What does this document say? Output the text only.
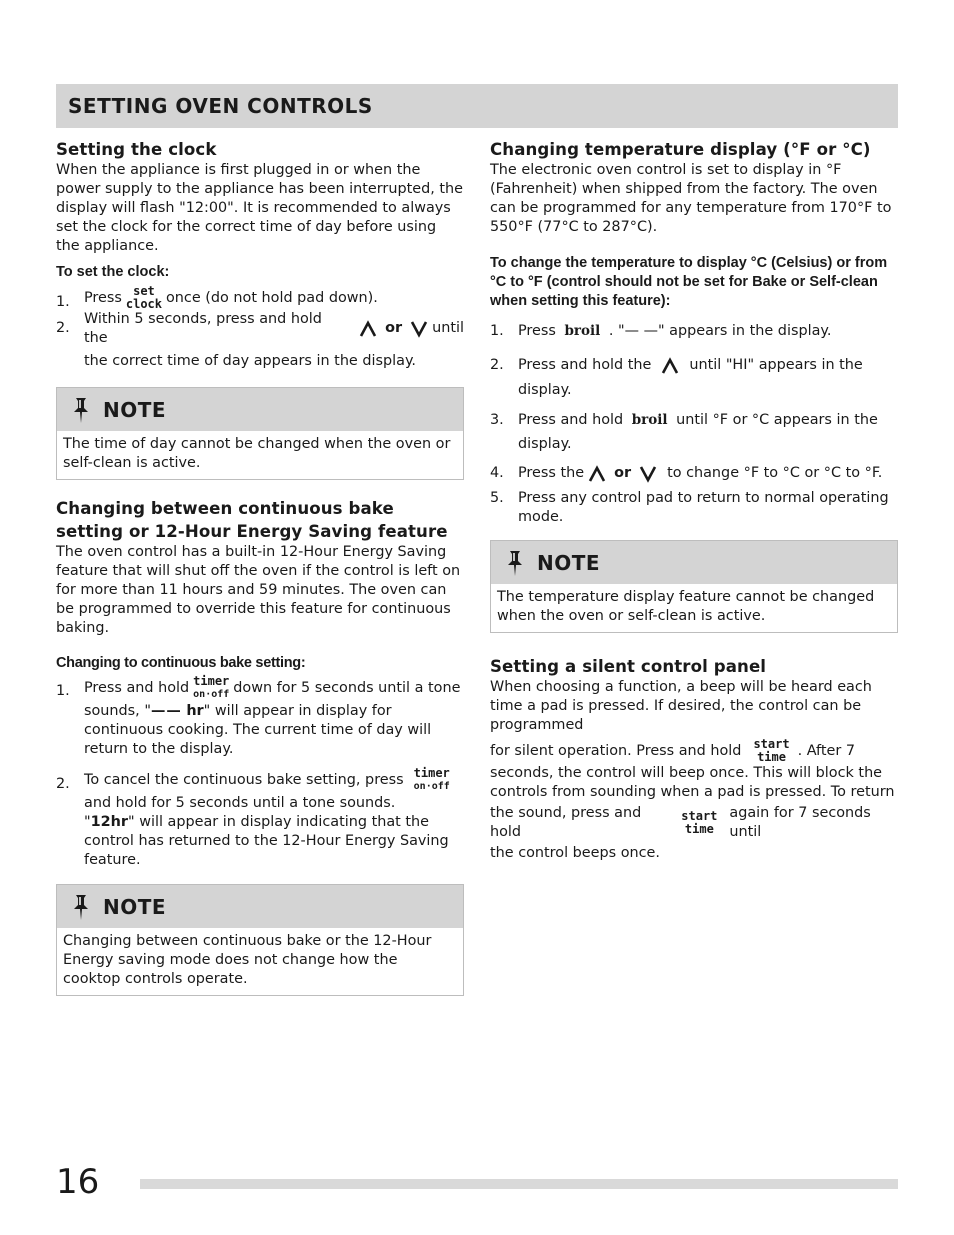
SETTING OVEN CONTROLS
Setting the clock

When the appliance is first plugged in or when the power supply to the appliance has been interrupted, the display will flash "12:00". It is recommended to always set the clock for the correct time of day before using the appliance.

To set the clock:

1. Press set
clock once (do not hold pad down).
2.
Within 5 seconds, press and hold the
or until

the correct time of day appears in the display.

NOTE
The time of day cannot be changed when the oven or self-clean is active.
Changing between continuous bake
setting or 12-Hour Energy Saving feature

The oven control has a built-in 12-Hour Energy Saving feature that will shut off the oven if the control is left on for more than 11 hours and 59 minutes. The oven can be programmed to override this feature for continuous baking.

Changing to continuous bake setting:

1. Press and hold timer
on·off down for 5 seconds until a tone

sounds, "—— hr" will appear in display for continuous cooking. The current time of day will return to the display.

2. To cancel the continuous bake setting, press timer
on·off

and hold for 5 seconds until a tone sounds.

"12hr" will appear in display indicating that the control has returned to the 12-Hour Energy Saving feature.

NOTE
Changing between continuous bake or the 12-Hour Energy saving mode does not change how the cooktop controls operate.
Changing temperature display (°F or °C)

The electronic oven control is set to display in °F (Fahrenheit) when shipped from the factory. The oven can be programmed for any temperature from 170°F to 550°F (77°C to 287°C).

To change the temperature to display °C (Celsius) or from °C to °F (control should not be set for Bake or Self-clean when setting this feature):

1. Press broil . "— —" appears in the display.
2. Press and hold the	until "HI" appears in the

display.

3. Press and hold broil until °F or °C appears in the

display.

4. Press the or	to change °F to °C or °C to °F.
5. Press any control pad to return to normal operating mode.
NOTE
The temperature display feature cannot be changed when the oven or self-clean is active.
Setting a silent control panel

When choosing a function, a beep will be heard each time a pad is pressed. If desired, the control can be programmed

for silent operation. Press and hold start
time . After 7

seconds, the control will beep once. This will block the controls from sounding when a pad is pressed. To return

the sound, press and hold
start
time
again for 7 seconds until

the control beeps once.

16
